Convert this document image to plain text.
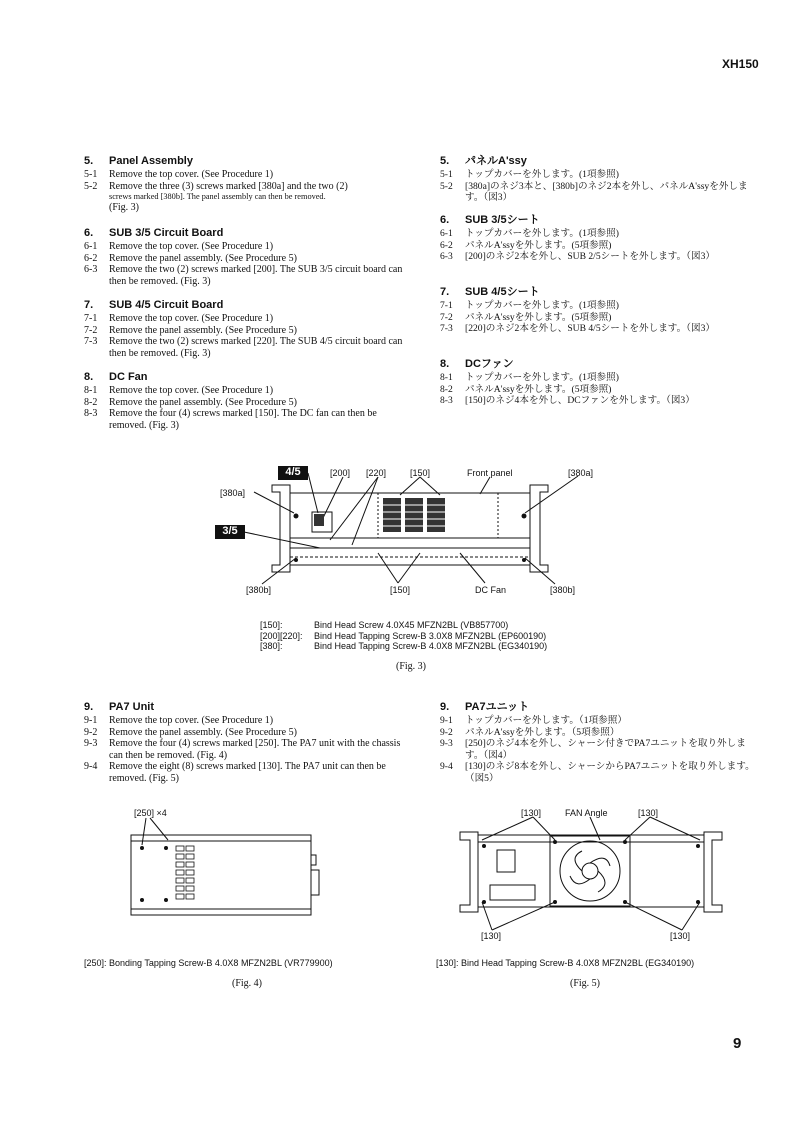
XH150
5. Panel Assembly
5-1 Remove the top cover. (See Procedure 1)
5-2 Remove the three (3) screws marked [380a] and the two (2)
screws marked [380b]. The panel assembly can then be removed.
(Fig. 3)
6. SUB 3/5 Circuit Board
6-1 Remove the top cover. (See Procedure 1)
6-2 Remove the panel assembly. (See Procedure 5)
6-3 Remove the two (2) screws marked [200]. The SUB 3/5 circuit board can then be removed. (Fig. 3)
7. SUB 4/5 Circuit Board
7-1 Remove the top cover. (See Procedure 1)
7-2 Remove the panel assembly. (See Procedure 5)
7-3 Remove the two (2) screws marked [220]. The SUB 4/5 circuit board can then be removed. (Fig. 3)
8. DC Fan
8-1 Remove the top cover. (See Procedure 1)
8-2 Remove the panel assembly. (See Procedure 5)
8-3 Remove the four (4) screws marked [150]. The DC fan can then be removed. (Fig. 3)
9. PA7 Unit
9-1 Remove the top cover. (See Procedure 1)
9-2 Remove the panel assembly. (See Procedure 5)
9-3 Remove the four (4) screws marked [250]. The PA7 unit with the chassis can then be removed. (Fig. 4)
9-4 Remove the eight (8) screws marked [130]. The PA7 unit can then be removed. (Fig. 5)
5. パネルA'ssy
5-1 トップカバーを外します。(1項参照)
5-2 [380a]のネジ3本と、[380b]のネジ2本を外し、パネルA'ssyを外します。（図3）
6. SUB 3/5シート
6-1 トップカバーを外します。(1項参照)
6-2 パネルA'ssyを外します。(5項参照)
6-3 [200]のネジ2本を外し、SUB 2/5シートを外します。（図3）
7. SUB 4/5シート
7-1 トップカバーを外します。(1項参照)
7-2 パネルA'ssyを外します。(5項参照)
7-3 [220]のネジ2本を外し、SUB 4/5シートを外します。（図3）
8. DCファン
8-1 トップカバーを外します。(1項参照)
8-2 パネルA'ssyを外します。(5項参照)
8-3 [150]のネジ4本を外し、DCファンを外します。（図3）
9. PA7ユニット
9-1 トップカバーを外します。（1項参照）
9-2 パネルA'ssyを外します。（5項参照）
9-3 [250]のネジ4本を外し、シャーシ付きでPA7ユニットを取り外します。（図4）
9-4 [130]のネジ8本を外し、シャーシからPA7ユニットを取り外します。（図5）
4/5
3/5
[200] [220]	[150]	Front panel	[380a]
[380a]
[380b]	[150]	DC Fan	[380b]
[150]:	Bind Head Screw 4.0X45 MFZN2BL (VB857700)
[200][220]:	Bind Head Tapping Screw-B 3.0X8 MFZN2BL (EP600190)
[380]:	Bind Head Tapping Screw-B 4.0X8 MFZN2BL (EG340190)
(Fig. 3)
[250] ×4
[250]: Bonding Tapping Screw-B 4.0X8 MFZN2BL (VR779900)
(Fig. 4)
[130]	FAN Angle	[130]
[130]	[130]
[130]: Bind Head Tapping Screw-B 4.0X8 MFZN2BL (EG340190)
(Fig. 5)
9
